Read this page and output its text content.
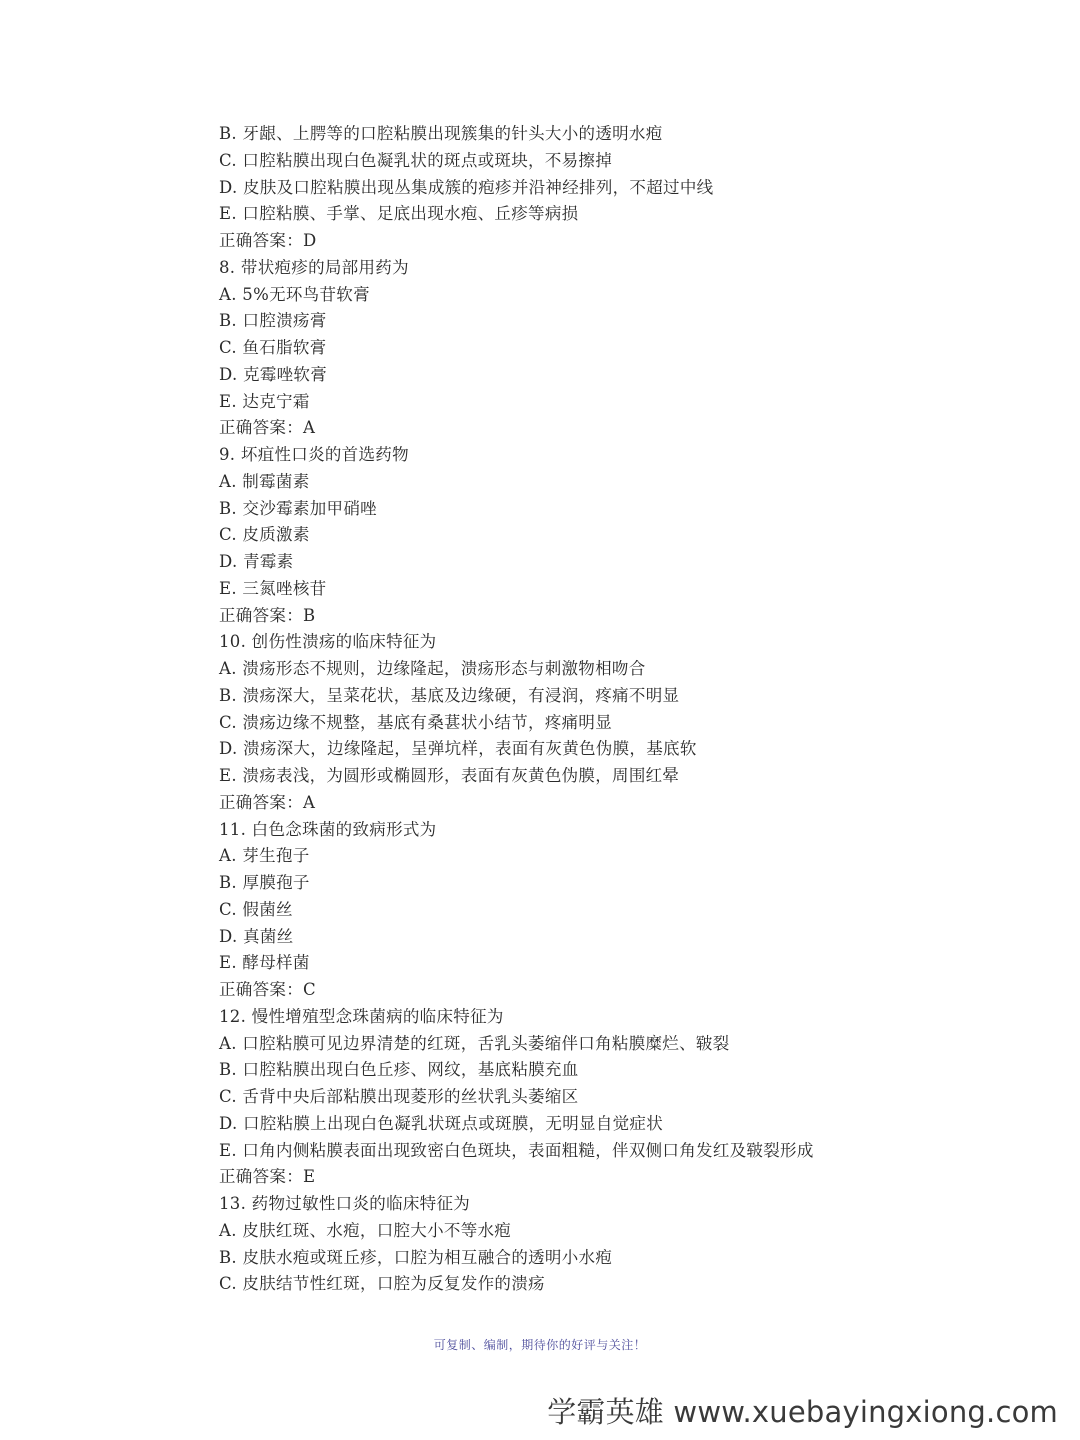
B. 牙龈、上腭等的口腔粘膜出现簇集的针头大小的透明水疱
C. 口腔粘膜出现白色凝乳状的斑点或斑块，不易擦掉
D. 皮肤及口腔粘膜出现丛集成簇的疱疹并沿神经排列，不超过中线
E. 口腔粘膜、手掌、足底出现水疱、丘疹等病损
正确答案：D
8. 带状疱疹的局部用药为
A. 5%无环鸟苷软膏
B. 口腔溃疡膏
C. 鱼石脂软膏
D. 克霉唑软膏
E. 达克宁霜
正确答案：A
9. 坏疽性口炎的首选药物
A. 制霉菌素
B. 交沙霉素加甲硝唑
C. 皮质激素
D. 青霉素
E. 三氮唑核苷
正确答案：B
10. 创伤性溃疡的临床特征为
A. 溃疡形态不规则，边缘隆起，溃疡形态与刺激物相吻合
B. 溃疡深大，呈菜花状，基底及边缘硬，有浸润，疼痛不明显
C. 溃疡边缘不规整，基底有桑葚状小结节，疼痛明显
D. 溃疡深大，边缘隆起，呈弹坑样，表面有灰黄色伪膜，基底软
E. 溃疡表浅，为圆形或椭圆形，表面有灰黄色伪膜，周围红晕
正确答案：A
11. 白色念珠菌的致病形式为
A. 芽生孢子
B. 厚膜孢子
C. 假菌丝
D. 真菌丝
E. 酵母样菌
正确答案：C
12. 慢性增殖型念珠菌病的临床特征为
A. 口腔粘膜可见边界清楚的红斑，舌乳头萎缩伴口角粘膜糜烂、皲裂
B. 口腔粘膜出现白色丘疹、网纹，基底粘膜充血
C. 舌背中央后部粘膜出现菱形的丝状乳头萎缩区
D. 口腔粘膜上出现白色凝乳状斑点或斑膜，无明显自觉症状
E. 口角内侧粘膜表面出现致密白色斑块，表面粗糙，伴双侧口角发红及皲裂形成
正确答案：E
13. 药物过敏性口炎的临床特征为
A. 皮肤红斑、水疱，口腔大小不等水疱
B. 皮肤水疱或斑丘疹，口腔为相互融合的透明小水疱
C. 皮肤结节性红斑，口腔为反复发作的溃疡
可复制、编制，期待你的好评与关注！
学霸英雄 www.xuebayingxiong.com
